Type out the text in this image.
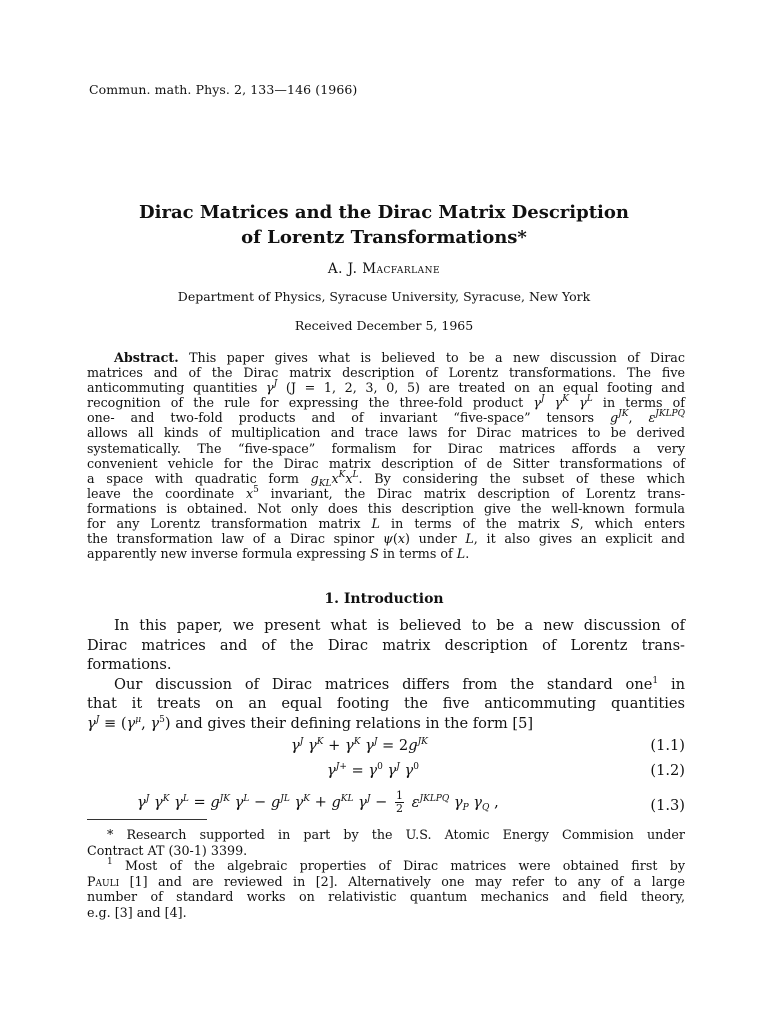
Commun. math. Phys. 2, 133—146 (1966)
Dirac Matrices and the Dirac Matrix Description
of Lorentz Transformations*
A. J. Macfarlane
Department of Physics, Syracuse University, Syracuse, New York
Received December 5, 1965
Abstract. This paper gives what is believed to be a new discussion of Dirac
matrices and of the Dirac matrix description of Lorentz transformations. The five
anticommuting quantities $\gamma^J$ (J = 1, 2, 3, 0, 5) are treated on an equal footing and
recognition of the rule for expressing the three-fold product $\gamma^J$ $\gamma^K$ $\gamma^L$ in terms of
one- and two-fold products and of invariant “five-space” tensors $g^{JK}$, $\varepsilon^{JKLPQ}$
allows all kinds of multiplication and trace laws for Dirac matrices to be derived
systematically. The “five-space” formalism for Dirac matrices affords a very
convenient vehicle for the Dirac matrix description of de Sitter transformations of
a space with quadratic form $g_{KL}x^Kx^L$. By considering the subset of these which
leave the coordinate $x^5$ invariant, the Dirac matrix description of Lorentz trans-
formations is obtained. Not only does this description give the well-known formula
for any Lorentz transformation matrix L in terms of the matrix S, which enters
the transformation law of a Dirac spinor ψ(x) under L, it also gives an explicit and
apparently new inverse formula expressing S in terms of L.
1. Introduction
In this paper, we present what is believed to be a new discussion of
Dirac matrices and of the Dirac matrix description of Lorentz trans-
formations.
Our discussion of Dirac matrices differs from the standard one$^1$ in
that it treats on an equal footing the five anticommuting quantities
$\gamma^J \equiv (\gamma^\mu$, $\gamma^5$) and gives their defining relations in the form [5]
$\gamma^J$ $\gamma^K + \gamma^K$ $\gamma^J = 2g^{JK}$	(1.1)
$\gamma^{J+} = \gamma^0$ $\gamma^J$ $\gamma^0$	(1.2)
$\gamma^J$ $\gamma^K$ $\gamma^L = g^{JK}$ $\gamma^L - g^{JL}$ $\gamma^K + g^{KL}$ $\gamma^J - \frac{1}{2} \varepsilon^{JKLPQ}$ $\gamma_P$ $\gamma_Q$ ,	(1.3)
* Research supported in part by the U.S. Atomic Energy Commision under
Contract AT (30-1) 3399.
$^1$ Most of the algebraic properties of Dirac matrices were obtained first by
Pauli [1] and are reviewed in [2]. Alternatively one may refer to any of a large
number of standard works on relativistic quantum mechanics and field theory,
e.g. [3] and [4].
